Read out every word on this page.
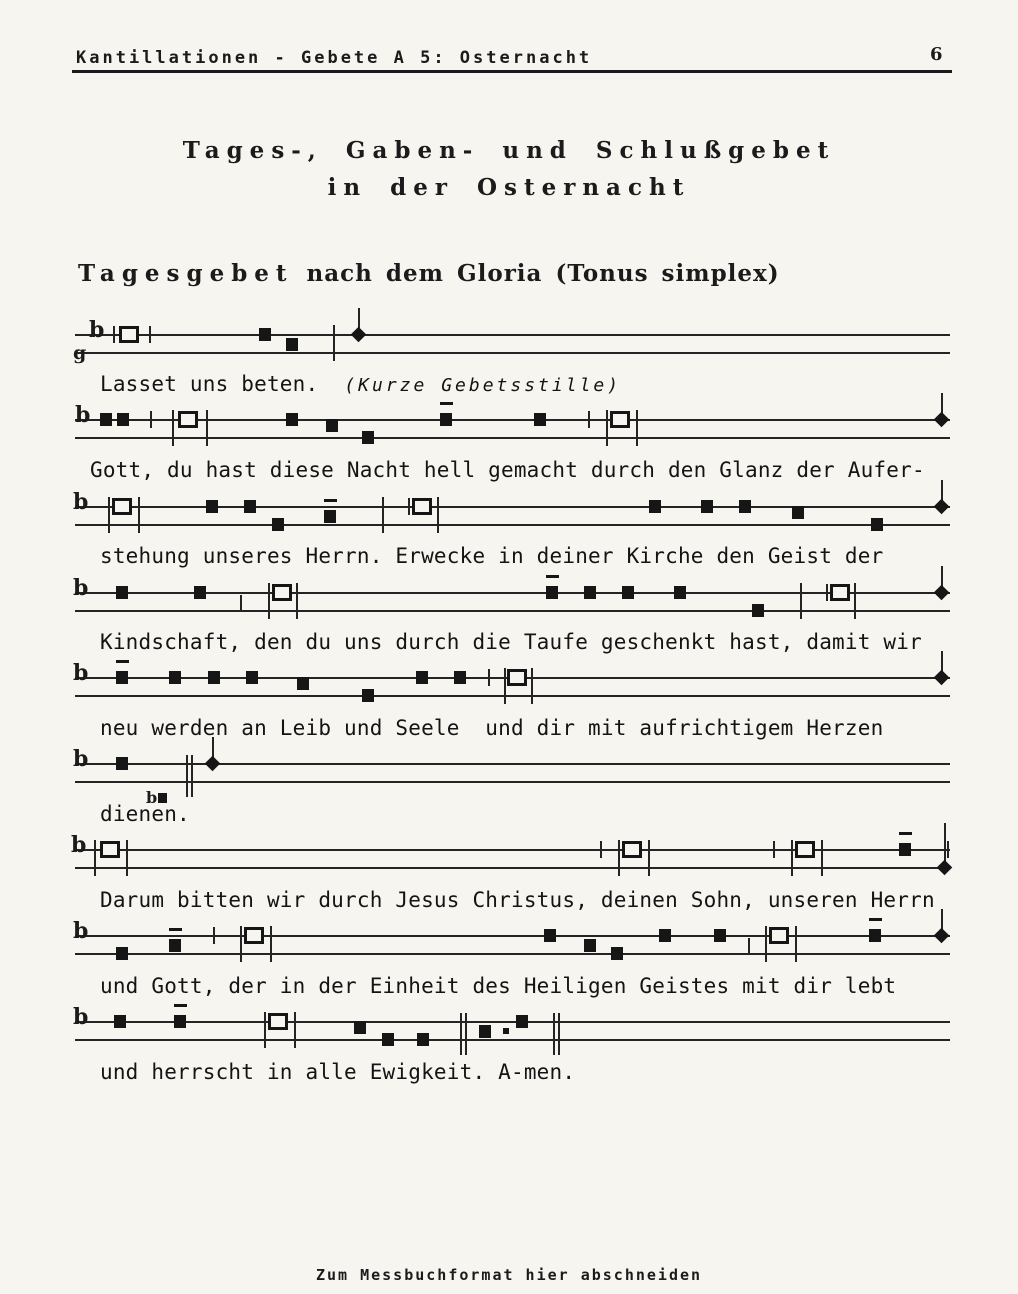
Kantillationen - Gebete A 5: Osternacht	6
Tages-, Gaben- und Schlußgebet
in der Osternacht
Tagesgebet nach dem Gloria (Tonus simplex)
g
b
b
b
b
b
b
b
b
b
b
Lasset uns beten. (Kurze Gebetsstille)
Gott, du hast diese Nacht hell gemacht durch den Glanz der Aufer-
stehung unseres Herrn. Erwecke in deiner Kirche den Geist der
Kindschaft, den du uns durch die Taufe geschenkt hast, damit wir
neu werden an Leib und Seele  und dir mit aufrichtigem Herzen
dienen.
Darum bitten wir durch Jesus Christus, deinen Sohn, unseren Herrn
und Gott, der in der Einheit des Heiligen Geistes mit dir lebt
und herrscht in alle Ewigkeit. A-men.
Zum Messbuchformat hier abschneiden
